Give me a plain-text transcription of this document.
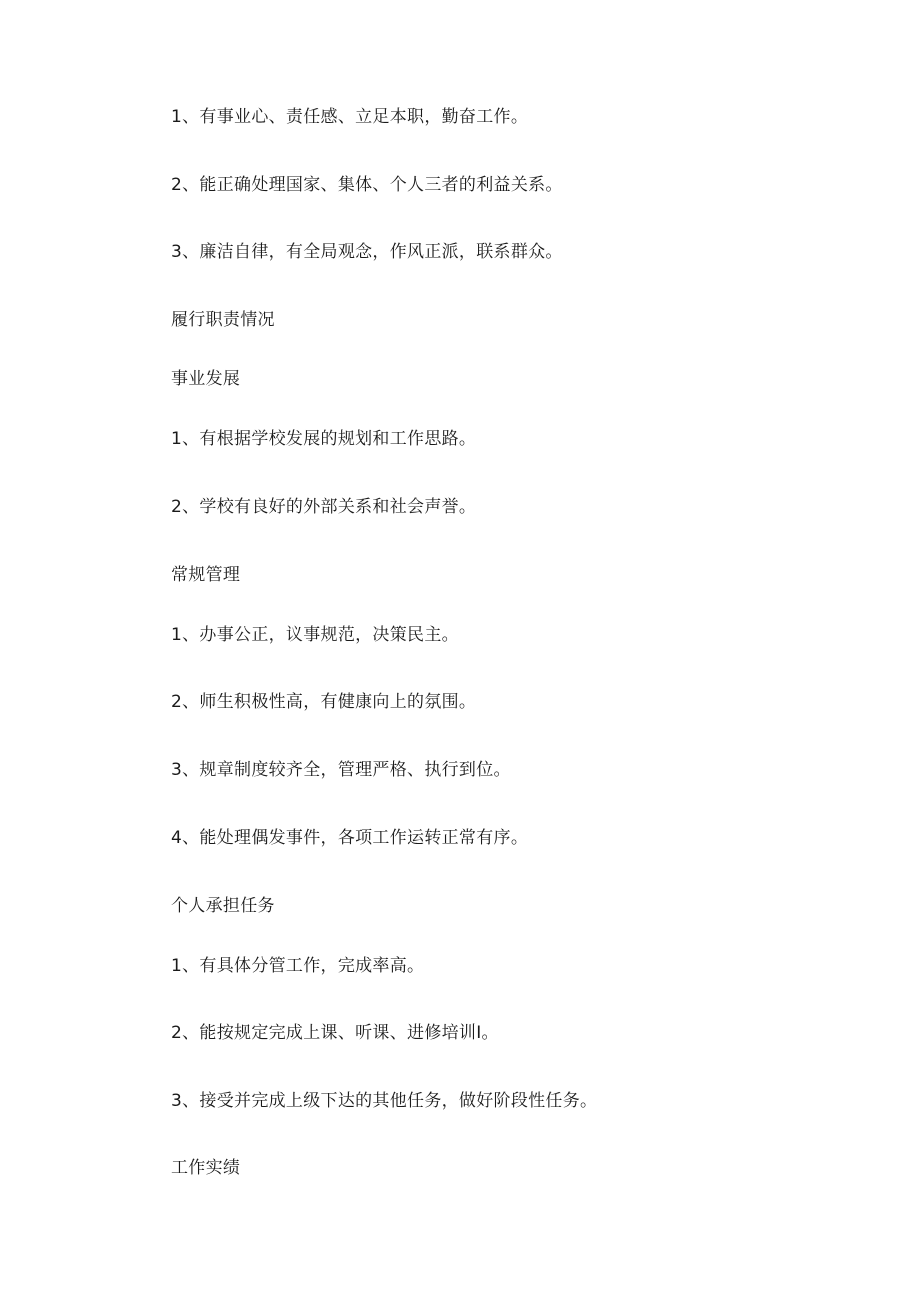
1、有事业心、责任感、立足本职，勤奋工作。
2、能正确处理国家、集体、个人三者的利益关系。
3、廉洁自律，有全局观念，作风正派，联系群众。
履行职责情况
事业发展
1、有根据学校发展的规划和工作思路。
2、学校有良好的外部关系和社会声誉。
常规管理
1、办事公正，议事规范，决策民主。
2、师生积极性高，有健康向上的氛围。
3、规章制度较齐全，管理严格、执行到位。
4、能处理偶发事件，各项工作运转正常有序。
个人承担任务
1、有具体分管工作，完成率高。
2、能按规定完成上课、听课、进修培训I。
3、接受并完成上级下达的其他任务，做好阶段性任务。
工作实绩
